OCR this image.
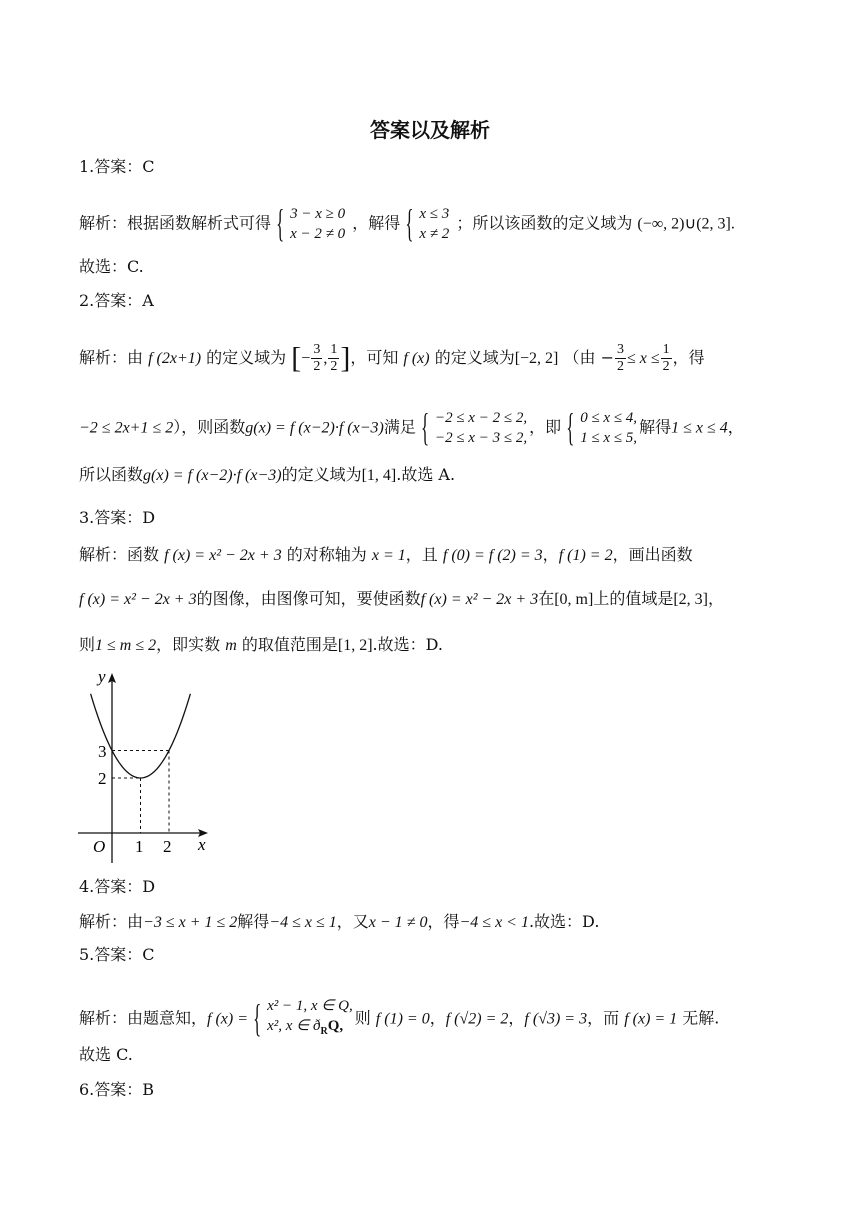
答案以及解析
1.答案：C
解析：根据函数解析式可得 { 3 − x ≥ 0
x − 2 ≠ 0
，解得 { x ≤ 3
x ≠ 2
；所以该函数的定义域为 (−∞, 2)∪(2, 3].
故选：C.
2.答案：A
解析：由 f (2x+1) 的定义域为 [− $\frac{3}{2}$ , $\frac{1}{2}$ ]，可知 f (x) 的定义域为[−2, 2] （由 − $\frac{3}{2} \le x \le \frac{1}{2}$ ，得
−2 ≤ 2x+1 ≤ 2），则函数g(x) = f (x−2)·f (x−3)满足 { −2 ≤ x − 2 ≤ 2,
−2 ≤ x − 3 ≤ 2,
，即 { 0 ≤ x ≤ 4,
1 ≤ x ≤ 5,
解得1 ≤ x ≤ 4，
所以函数g(x) = f (x−2)·f (x−3)的定义域为[1, 4].故选 A.
3.答案：D
解析：函数 f (x) = x² − 2x + 3 的对称轴为 x = 1，且 f (0) = f (2) = 3，f (1) = 2，画出函数
f (x) = x² − 2x + 3的图像，由图像可知，要使函数f (x) = x² − 2x + 3在[0, m]上的值域是[2, 3]，
则1 ≤ m ≤ 2，即实数 m 的取值范围是[1, 2].故选：D.
y
x
O 1 2
2
3
4.答案：D
解析：由−3 ≤ x + 1 ≤ 2解得−4 ≤ x ≤ 1，又x − 1 ≠ 0，得−4 ≤ x < 1.故选：D.
5.答案：C
解析：由题意知，f (x) =
{ x² − 1, x ∈ Q,
x², x ∈ $ð_RQ$, 则 f (1) = 0，f (√2) = 2，f (√3) = 3，而 f (x) = 1 无解.
故选 C.
6.答案：B
